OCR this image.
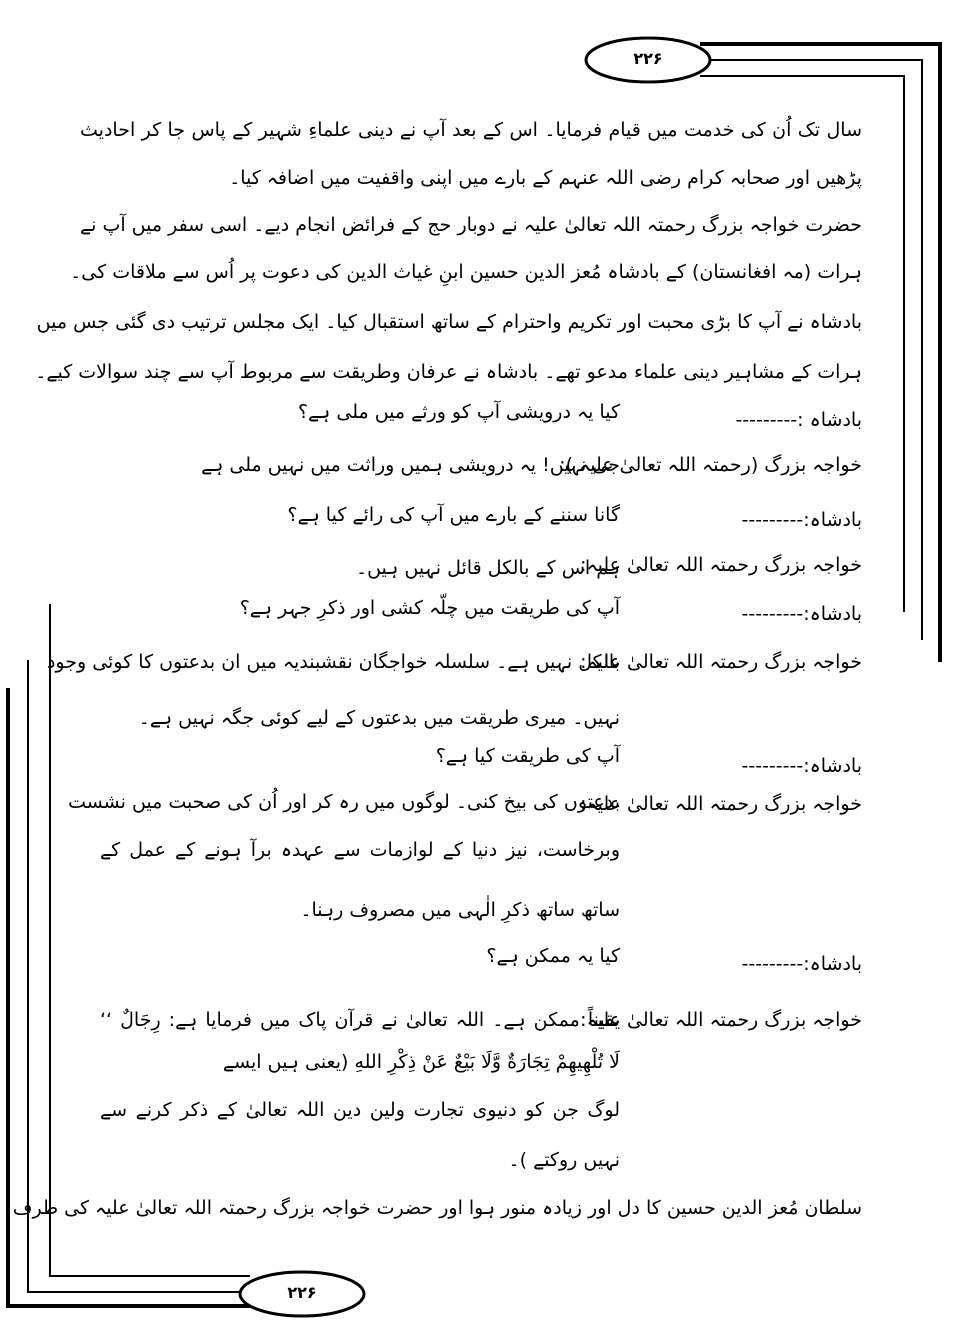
۲۲۶
۲۲۶
سال تک اُن کی خدمت میں قیام فرمایا۔ اس کے بعد آپ نے دینی علماءِ شہیر کے پاس جا کر احادیث
پڑھیں اور صحابہ کرام رضی اللہ عنہم کے بارے میں اپنی واقفیت میں اضافہ کیا۔
حضرت خواجہ بزرگ رحمتہ اللہ تعالیٰ علیہ نے دوبار حج کے فرائض انجام دیے۔ اسی سفر میں آپ نے
ہرات (مہ افغانستان) کے بادشاہ مُعز الدین حسین ابنِ غیاث الدین کی دعوت پر اُس سے ملاقات کی۔
بادشاہ نے آپ کا بڑی محبت اور تکریم واحترام کے ساتھ استقبال کیا۔ ایک مجلس ترتیب دی گئی جس میں
ہرات کے مشاہیر دینی علماء مدعو تھے۔ بادشاہ نے عرفان وطریقت سے مربوط آپ سے چند سوالات کیے۔
بادشاہ :---------
کیا یہ درویشی آپ کو ورثے میں ملی ہے؟
خواجہ بزرگ (رحمتہ اللہ تعالیٰ علیہ ):
جی نہیں! یہ درویشی ہمیں وراثت میں نہیں ملی ہے
بادشاہ:---------
گانا سننے کے بارے میں آپ کی رائے کیا ہے؟
خواجہ بزرگ رحمتہ اللہ تعالیٰ علیہ:
ہم اس کے بالکل قائل نہیں ہیں۔
بادشاہ:---------
آپ کی طریقت میں چلّہ کشی اور ذکرِ جہر ہے؟
خواجہ بزرگ رحمتہ اللہ تعالیٰ علیہ:
بالکل نہیں ہے۔ سلسلہ خواجگان نقشبندیہ میں ان بدعتوں کا کوئی وجود
نہیں۔ میری طریقت میں بدعتوں کے لیے کوئی جگہ نہیں ہے۔
بادشاہ:---------
آپ کی طریقت کیا ہے؟
خواجہ بزرگ رحمتہ اللہ تعالیٰ علیہ:
بدعتوں کی بیخ کنی۔ لوگوں میں رہ کر اور اُن کی صحبت میں نشست
وبرخاست، نیز دنیا کے لوازمات سے عہدہ برآ ہونے کے عمل کے
ساتھ ساتھ ذکرِ الٰہی میں مصروف رہنا۔
بادشاہ:---------
کیا یہ ممکن ہے؟
خواجہ بزرگ رحمتہ اللہ تعالیٰ علیہ:
یقیناً ممکن ہے۔ اللہ تعالیٰ نے قرآن پاک میں فرمایا ہے: رِجَالٌ ‘‘
لَا تُلْهِيهِمْ تِجَارَةٌ وَّلَا بَيْعٌ عَنْ ذِكْرِ اللهِ (یعنی ہیں ایسے
لوگ جن کو دنیوی تجارت ولین دین اللہ تعالیٰ کے ذکر کرنے سے
نہیں روکتے )۔
سلطان مُعز الدین حسین کا دل اور زیادہ منور ہوا اور حضرت خواجہ بزرگ رحمتہ اللہ تعالیٰ علیہ کی طرف
